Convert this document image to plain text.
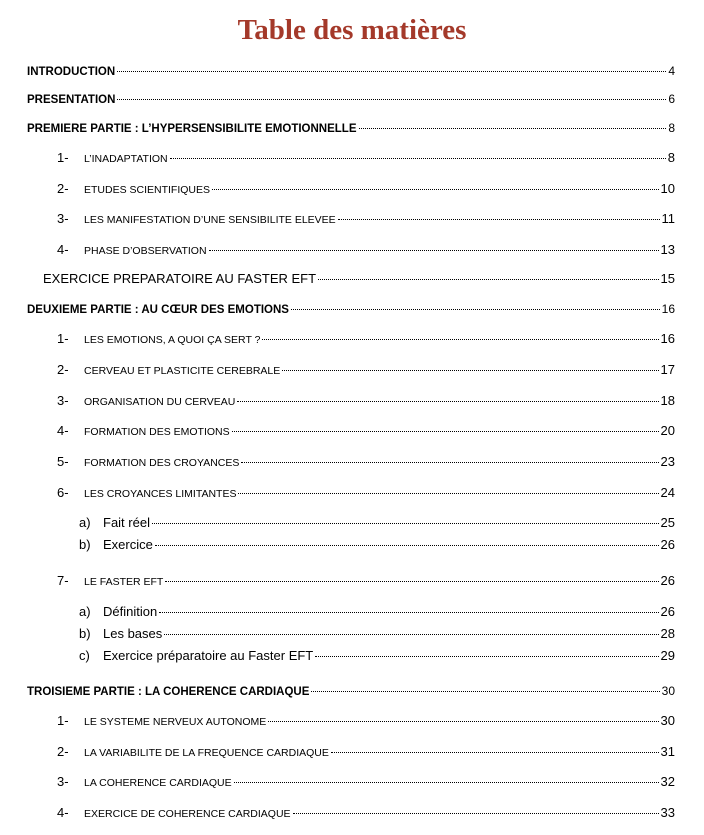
Table des matières
INTRODUCTION	4
PRESENTATION	6
PREMIERE PARTIE : L’HYPERSENSIBILITE EMOTIONNELLE	8
1-	L’INADAPTATION	8
2-	ETUDES SCIENTIFIQUES	10
3-	LES MANIFESTATION D’UNE SENSIBILITE ELEVEE	11
4-	PHASE D’OBSERVATION	13
EXERCICE PREPARATOIRE AU FASTER EFT	15
DEUXIEME PARTIE : AU CŒUR DES EMOTIONS	16
1-	LES EMOTIONS, A QUOI ÇA SERT ?	16
2-	CERVEAU ET PLASTICITE CEREBRALE	17
3-	ORGANISATION DU CERVEAU	18
4-	FORMATION DES EMOTIONS	20
5-	FORMATION DES CROYANCES	23
6-	LES CROYANCES LIMITANTES	24
a) Fait réel	25
b) Exercice	26
7-	LE FASTER EFT	26
a) Définition	26
b) Les bases	28
c)	Exercice préparatoire au Faster EFT	29
TROISIEME PARTIE : LA COHERENCE CARDIAQUE	30
1-	LE SYSTEME NERVEUX AUTONOME	30
2-	LA VARIABILITE DE LA FREQUENCE CARDIAQUE	31
3-	LA COHERENCE CARDIAQUE	32
4-	EXERCICE DE COHERENCE CARDIAQUE	33
